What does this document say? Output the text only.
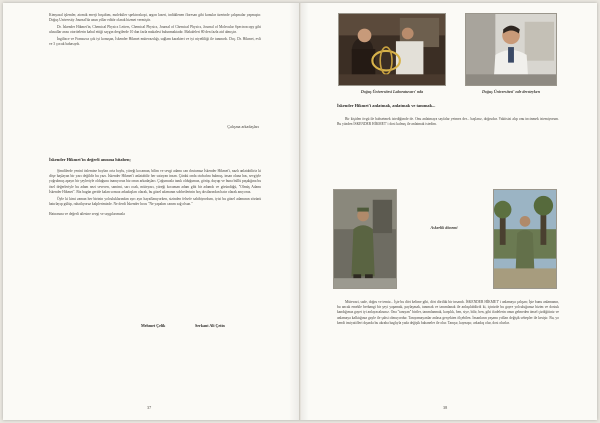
Kimyasal işlemler, atomik enerji boşaltım, moleküler spektroskopi, argon lazeri, indüklenen floresan gibi konular üzerinde çalışmalar yapmıştır. Doğuş University Journal'da uzun yıllar editör olarak hizmet vermiştir.

Dr. İskender Hikmet'in, Chemical Physics Letters, Chemical Physics, Journal of Chemical Physics, Journal of Molecular Spectroscopy gibi ulusallar arası otoritelerin kabul ettiği saygın dergilerde 10 dan fazla makalesi bulunmaktadır. Makaleleri 80 den fazla atıf almıştır.

İngilizce ve Fransızca çok iyi konuşan, İskender Hikmet mütevazılığı, sağlam karakteri ve iyi niyetliliği ile tanınırdı. Doç. Dr. Hikmet, evli ve 3 çocuk babasıydı.

Çalışma arkadaşları
İskender Hikmet'in değerli anısına hitaben;

Şimdilerde yeniní özlemine boyları orta boylu, yüreği kocaman, bilim ve sevgi adamı can dostumuz İskender Hikmet'i, nazlı anlatabiliriz ki döşe başlayan bir yazı değildir bu yazı. İskender Hikmet'i anlatabilir her satıryan insan. Çünkü onda otobafını bulmuş, insan olana has, sevgiyle yoğrulmuş apayrı bir şeyleriyle olduğunu inanıyoruz biz onun arkadaşları. Çoğumuzla tanık olduğumuz, görüp, duyup ve buna büllü paşakğına bu özel değerleriyle bu adam nezi sevecen, samimi, sarı ocak, müteyazı, yüreği kocaman adam gibi bir adamdı ve göründüğü, "Olmüş Adamı İskender Hikmet". Biz bugün geride kalan sonsuz arkadaşları olarak, bu güzel adamının sohbetlerinin hoş dostlarından hatır olarak anıyoruz.

Öyle ki kimi zaman her birinin yolculuklarından ayrı ayrı hayaflanıyorken, sizinden felsefe sahibiyordum, iyisi bu güzel adamının sözünü hatırlayıp gülüp, rahatlıyoruz kalplerimizde. Ne derdi İskender hocu "Ne yapalım canım sağ olsun."

Hatırasına ve değerli ailesine sevgi ve saygılarımızla

Mehmet Çelik	Serkant Ali Çetin
37
Doğuş Üniversitesi Laboratuvarı' nda	Doğuş Üniversitesi' nde dersteyken
İskender Hikmet'i anlatmak, anlatmak ve tanımak...

Bir kişiden övgü ile bahsetmek istediğimde de. Onu anlatmaya sayfalar yetmez der... başlarız, doğrudur. Vakitsizi alıp onu incinmek istemiyorum. Bu yüzden İSKENDER HİKMET' i dost kalmış ile anlatmak istedim.

Askerlik dönemi

Mütevazi, sade, doğru ve temiz... İşte bu dört kelime gibi, dört dörtlük bir insandı. İSKENDER HİKMET' i anlamaya çalışan; İşte bunu anlamanın, bu ancak emekle berbangi bir şeyi yapamak, paylaşmak, tanımak ve tanımlanak ile anlaşılabilirdi ki, içinizde bu gayre yolculuğunuz bizim ve dostuk kandığımız gayet iyi anlayacaksınız. Ona "tanıyan" biriler, tanımlanmak, karşılık, ben, siye, bilir, ben, gibi ifadelerin onun gelmeden ünsel çizdiğitiniz ve anlamaya kalktığınız gayle ile şahsi olmuyordur. Tanıyamayanlar anlasa gerçekten ölçebilen. İnsanların yaşamı yolları değişik sebepler ile kesişir. Bu, yo kendi insiyatifleri dışında bu akraba baglıyla yada değişik bahaneler ile olur. Tanışır, kaynaşır, arkadaş olur, dost olurlar.

38
